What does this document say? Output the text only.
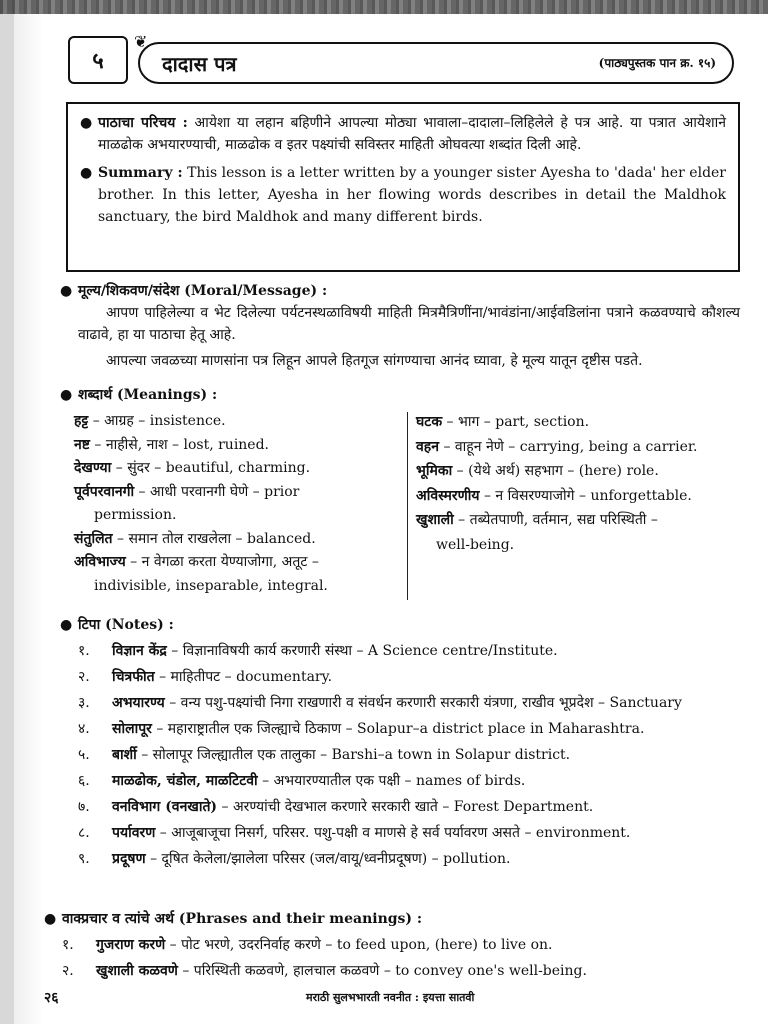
५
❦
दादास पत्र	(पाठ्यपुस्तक पान क्र. १५)

● पाठाचा परिचय : आयेशा या लहान बहिणीने आपल्या मोठ्या भावाला–दादाला–लिहिलेले हे पत्र आहे. या पत्रात आयेशाने माळढोक अभयारण्याची, माळढोक व इतर पक्ष्यांची सविस्तर माहिती ओघवत्या शब्दांत दिली आहे.

● Summary : This lesson is a letter written by a younger sister Ayesha to 'dada' her elder brother. In this letter, Ayesha in her flowing words describes in detail the Maldhok sanctuary, the bird Maldhok and many different birds.

● मूल्य/शिकवण/संदेश (Moral/Message) :

आपण पाहिलेल्या व भेट दिलेल्या पर्यटनस्थळाविषयी माहिती मित्रमैत्रिणींना/भावंडांना/आईवडिलांना पत्राने कळवण्याचे कौशल्य वाढावे, हा या पाठाचा हेतू आहे.

आपल्या जवळच्या माणसांना पत्र लिहून आपले हितगूज सांगण्याचा आनंद घ्यावा, हे मूल्य यातून दृष्टीस पडते.

● शब्दार्थ (Meanings) :
हट्ट – आग्रह – insistence.
नष्ट – नाहीसे, नाश – lost, ruined.
देखण्या – सुंदर – beautiful, charming.
पूर्वपरवानगी – आधी परवानगी घेणे – prior
permission.
संतुलित – समान तोल राखलेला – balanced.
अविभाज्य – न वेगळा करता येण्याजोगा, अतूट –
indivisible, inseparable, integral.
घटक – भाग – part, section.
वहन – वाहून नेणे – carrying, being a carrier.
भूमिका – (येथे अर्थ) सहभाग – (here) role.
अविस्मरणीय – न विसरण्याजोगे – unforgettable.
खुशाली – तब्येतपाणी, वर्तमान, सद्य परिस्थिती –
well-being.
● टिपा (Notes) :
१. विज्ञान केंद्र – विज्ञानाविषयी कार्य करणारी संस्था – A Science centre/Institute.
२. चित्रफीत – माहितीपट – documentary.
३. अभयारण्य – वन्य पशु-पक्ष्यांची निगा राखणारी व संवर्धन करणारी सरकारी यंत्रणा, राखीव भूप्रदेश – Sanctuary
४. सोलापूर – महाराष्ट्रातील एक जिल्ह्याचे ठिकाण – Solapur–a district place in Maharashtra.
५. बार्शी – सोलापूर जिल्ह्यातील एक तालुका – Barshi–a town in Solapur district.
६. माळढोक, चंडोल, माळटिटवी – अभयारण्यातील एक पक्षी – names of birds.
७. वनविभाग (वनखाते) – अरण्यांची देखभाल करणारे सरकारी खाते – Forest Department.
८. पर्यावरण – आजूबाजूचा निसर्ग, परिसर. पशु-पक्षी व माणसे हे सर्व पर्यावरण असते – environment.
९. प्रदूषण – दूषित केलेला/झालेला परिसर (जल/वायू/ध्वनीप्रदूषण) – pollution.
● वाक्प्रचार व त्यांचे अर्थ (Phrases and their meanings) :
१. गुजराण करणे – पोट भरणे, उदरनिर्वाह करणे – to feed upon, (here) to live on.
२. खुशाली कळवणे – परिस्थिती कळवणे, हालचाल कळवणे – to convey one's well-being.
२६	मराठी सुलभभारती नवनीत : इयत्ता सातवी
